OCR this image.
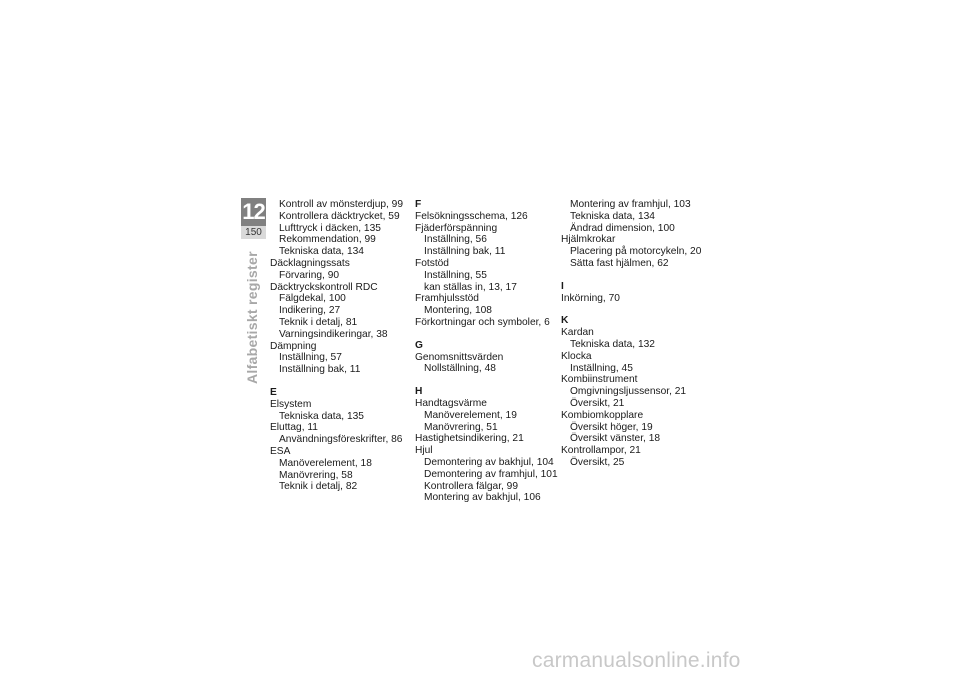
12
150
Alfabetiskt register
Kontroll av mönsterdjup, 99
Kontrollera däcktrycket, 59
Lufttryck i däcken, 135
Rekommendation, 99
Tekniska data, 134
Däcklagningssats
Förvaring, 90
Däcktryckskontroll RDC
Fälgdekal, 100
Indikering, 27
Teknik i detalj, 81
Varningsindikeringar, 38
Dämpning
Inställning, 57
Inställning bak, 11
E
Elsystem
Tekniska data, 135
Eluttag, 11
Användningsföreskrifter, 86
ESA
Manöverelement, 18
Manövrering, 58
Teknik i detalj, 82
F
Felsökningsschema, 126
Fjäderförspänning
Inställning, 56
Inställning bak, 11
Fotstöd
Inställning, 55
kan ställas in, 13, 17
Framhjulsstöd
Montering, 108
Förkortningar och symboler, 6
G
Genomsnittsvärden
Nollställning, 48
H
Handtagsvärme
Manöverelement, 19
Manövrering, 51
Hastighetsindikering, 21
Hjul
Demontering av bakhjul, 104
Demontering av framhjul, 101
Kontrollera fälgar, 99
Montering av bakhjul, 106
Montering av framhjul, 103
Tekniska data, 134
Ändrad dimension, 100
Hjälmkrokar
Placering på motorcykeln, 20
Sätta fast hjälmen, 62
I
Inkörning, 70
K
Kardan
Tekniska data, 132
Klocka
Inställning, 45
Kombiinstrument
Omgivningsljussensor, 21
Översikt, 21
Kombiomkopplare
Översikt höger, 19
Översikt vänster, 18
Kontrollampor, 21
Översikt, 25
carmanualsonline.info
